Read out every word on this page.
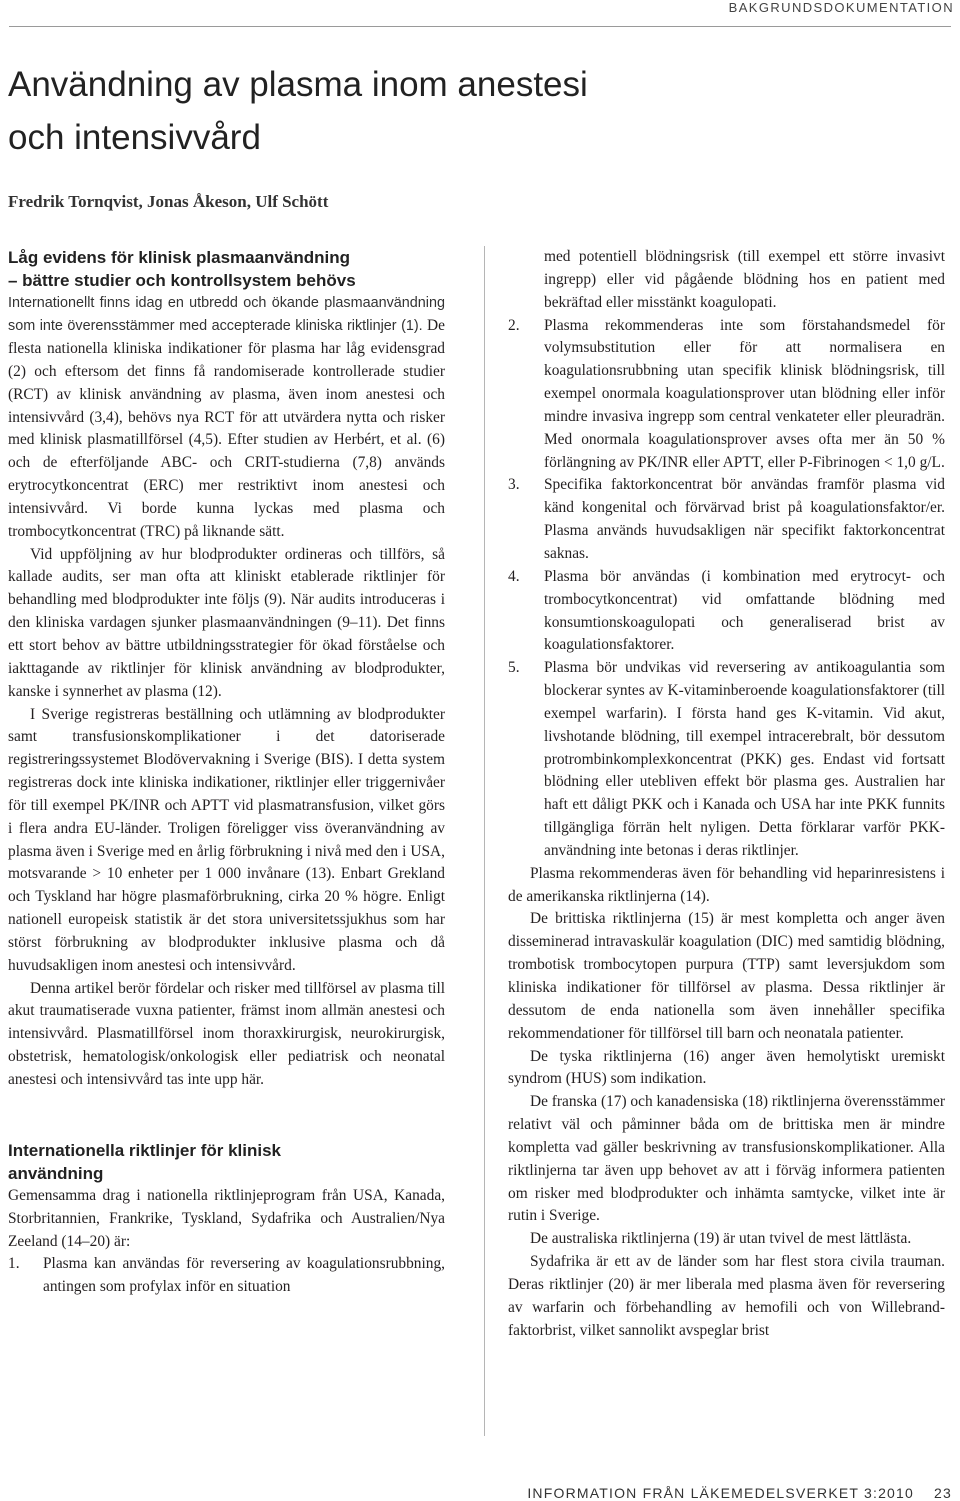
BAKGRUNDSDOKUMENTATION
Användning av plasma inom anestesi
och intensivvård
Fredrik Tornqvist, Jonas Åkeson, Ulf Schött
Låg evidens för klinisk plasmaanvändning
– bättre studier och kontrollsystem behövs

Internationellt finns idag en utbredd och ökande plasmaanvändning som inte överensstämmer med accepterade kliniska riktlinjer (1). De flesta nationella kliniska indikationer för plasma har låg evidensgrad (2) och eftersom det finns få randomiserade kontrollerade studier (RCT) av klinisk användning av plasma, även inom anestesi och intensivvård (3,4), behövs nya RCT för att utvärdera nytta och risker med klinisk plasmatillförsel (4,5). Efter studien av Herbért, et al. (6) och de efterföljande ABC- och CRIT-studierna (7,8) används erytrocytkoncentrat (ERC) mer restriktivt inom anestesi och intensivvård. Vi borde kunna lyckas med plasma och trombocytkoncentrat (TRC) på liknande sätt.

Vid uppföljning av hur blodprodukter ordineras och tillförs, så kallade audits, ser man ofta att kliniskt etablerade riktlinjer för behandling med blodprodukter inte följs (9). När audits introduceras i den kliniska vardagen sjunker plasmaanvändningen (9–11). Det finns ett stort behov av bättre utbildningsstrategier för ökad förståelse och iakttagande av riktlinjer för klinisk användning av blodprodukter, kanske i synnerhet av plasma (12).

I Sverige registreras beställning och utlämning av blodprodukter samt transfusionskomplikationer i det datoriserade registreringssystemet Blodövervakning i Sverige (BIS). I detta system registreras dock inte kliniska indikationer, riktlinjer eller triggernivåer för till exempel PK/INR och APTT vid plasmatransfusion, vilket görs i flera andra EU-länder. Troligen föreligger viss överanvändning av plasma även i Sverige med en årlig förbrukning i nivå med den i USA, motsvarande > 10 enheter per 1 000 invånare (13). Enbart Grekland och Tyskland har högre plasmaförbrukning, cirka 20 % högre. Enligt nationell europeisk statistik är det stora universitetssjukhus som har störst förbrukning av blodprodukter inklusive plasma och då huvudsakligen inom anestesi och intensivvård.

Denna artikel berör fördelar och risker med tillförsel av plasma till akut traumatiserade vuxna patienter, främst inom allmän anestesi och intensivvård. Plasmatillförsel inom thoraxkirurgisk, neurokirurgisk, obstetrisk, hematologisk/onkologisk eller pediatrisk och neonatal anestesi och intensivvård tas inte upp här.

Internationella riktlinjer för klinisk
användning

Gemensamma drag i nationella riktlinjeprogram från USA, Kanada, Storbritannien, Frankrike, Tyskland, Sydafrika och Australien/Nya Zeeland (14–20) är:

1. Plasma kan användas för reversering av koagulationsrubbning, antingen som profylax inför en situation
med potentiell blödningsrisk (till exempel ett större invasivt ingrepp) eller vid pågående blödning hos en patient med bekräftad eller misstänkt koagulopati.
2. Plasma rekommenderas inte som förstahandsmedel för volymsubstitution eller för att normalisera en koagulationsrubbning utan specifik klinisk blödningsrisk, till exempel onormala koagulationsprover utan blödning eller inför mindre invasiva ingrepp som central venkateter eller pleuradrän. Med onormala koagulationsprover avses ofta mer än 50 % förlängning av PK/INR eller APTT, eller P-Fibrinogen < 1,0 g/L.
3. Specifika faktorkoncentrat bör användas framför plasma vid känd kongenital och förvärvad brist på koagulationsfaktor/er. Plasma används huvudsakligen när specifikt faktorkoncentrat saknas.
4. Plasma bör användas (i kombination med erytrocyt- och trombocytkoncentrat) vid omfattande blödning med konsumtionskoagulopati och generaliserad brist av koagulationsfaktorer.
5. Plasma bör undvikas vid reversering av antikoagulantia som blockerar syntes av K-vitaminberoende koagulationsfaktorer (till exempel warfarin). I första hand ges K-vitamin. Vid akut, livshotande blödning, till exempel intracerebralt, bör dessutom protrombinkomplexkoncentrat (PKK) ges. Endast vid fortsatt blödning eller utebliven effekt bör plasma ges. Australien har haft ett dåligt PKK och i Kanada och USA har inte PKK funnits tillgängliga förrän helt nyligen. Detta förklarar varför PKK-användning inte betonas i deras riktlinjer.

Plasma rekommenderas även för behandling vid heparinresistens i de amerikanska riktlinjerna (14).

De brittiska riktlinjerna (15) är mest kompletta och anger även disseminerad intravaskulär koagulation (DIC) med samtidig blödning, trombotisk trombocytopen purpura (TTP) samt leversjukdom som kliniska indikationer för tillförsel av plasma. Dessa riktlinjer är dessutom de enda nationella som även innehåller specifika rekommendationer för tillförsel till barn och neonatala patienter.

De tyska riktlinjerna (16) anger även hemolytiskt uremiskt syndrom (HUS) som indikation.

De franska (17) och kanadensiska (18) riktlinjerna överensstämmer relativt väl och påminner båda om de brittiska men är mindre kompletta vad gäller beskrivning av transfusionskomplikationer. Alla riktlinjerna tar även upp behovet av att i förväg informera patienten om risker med blodprodukter och inhämta samtycke, vilket inte är rutin i Sverige.

De australiska riktlinjerna (19) är utan tvivel de mest lättlästa.

Sydafrika är ett av de länder som har flest stora civila trauman. Deras riktlinjer (20) är mer liberala med plasma även för reversering av warfarin och förbehandling av hemofili och von Willebrand-faktorbrist, vilket sannolikt avspeglar brist

INFORMATION FRÅN LÄKEMEDELSVERKET 3:2010 23
